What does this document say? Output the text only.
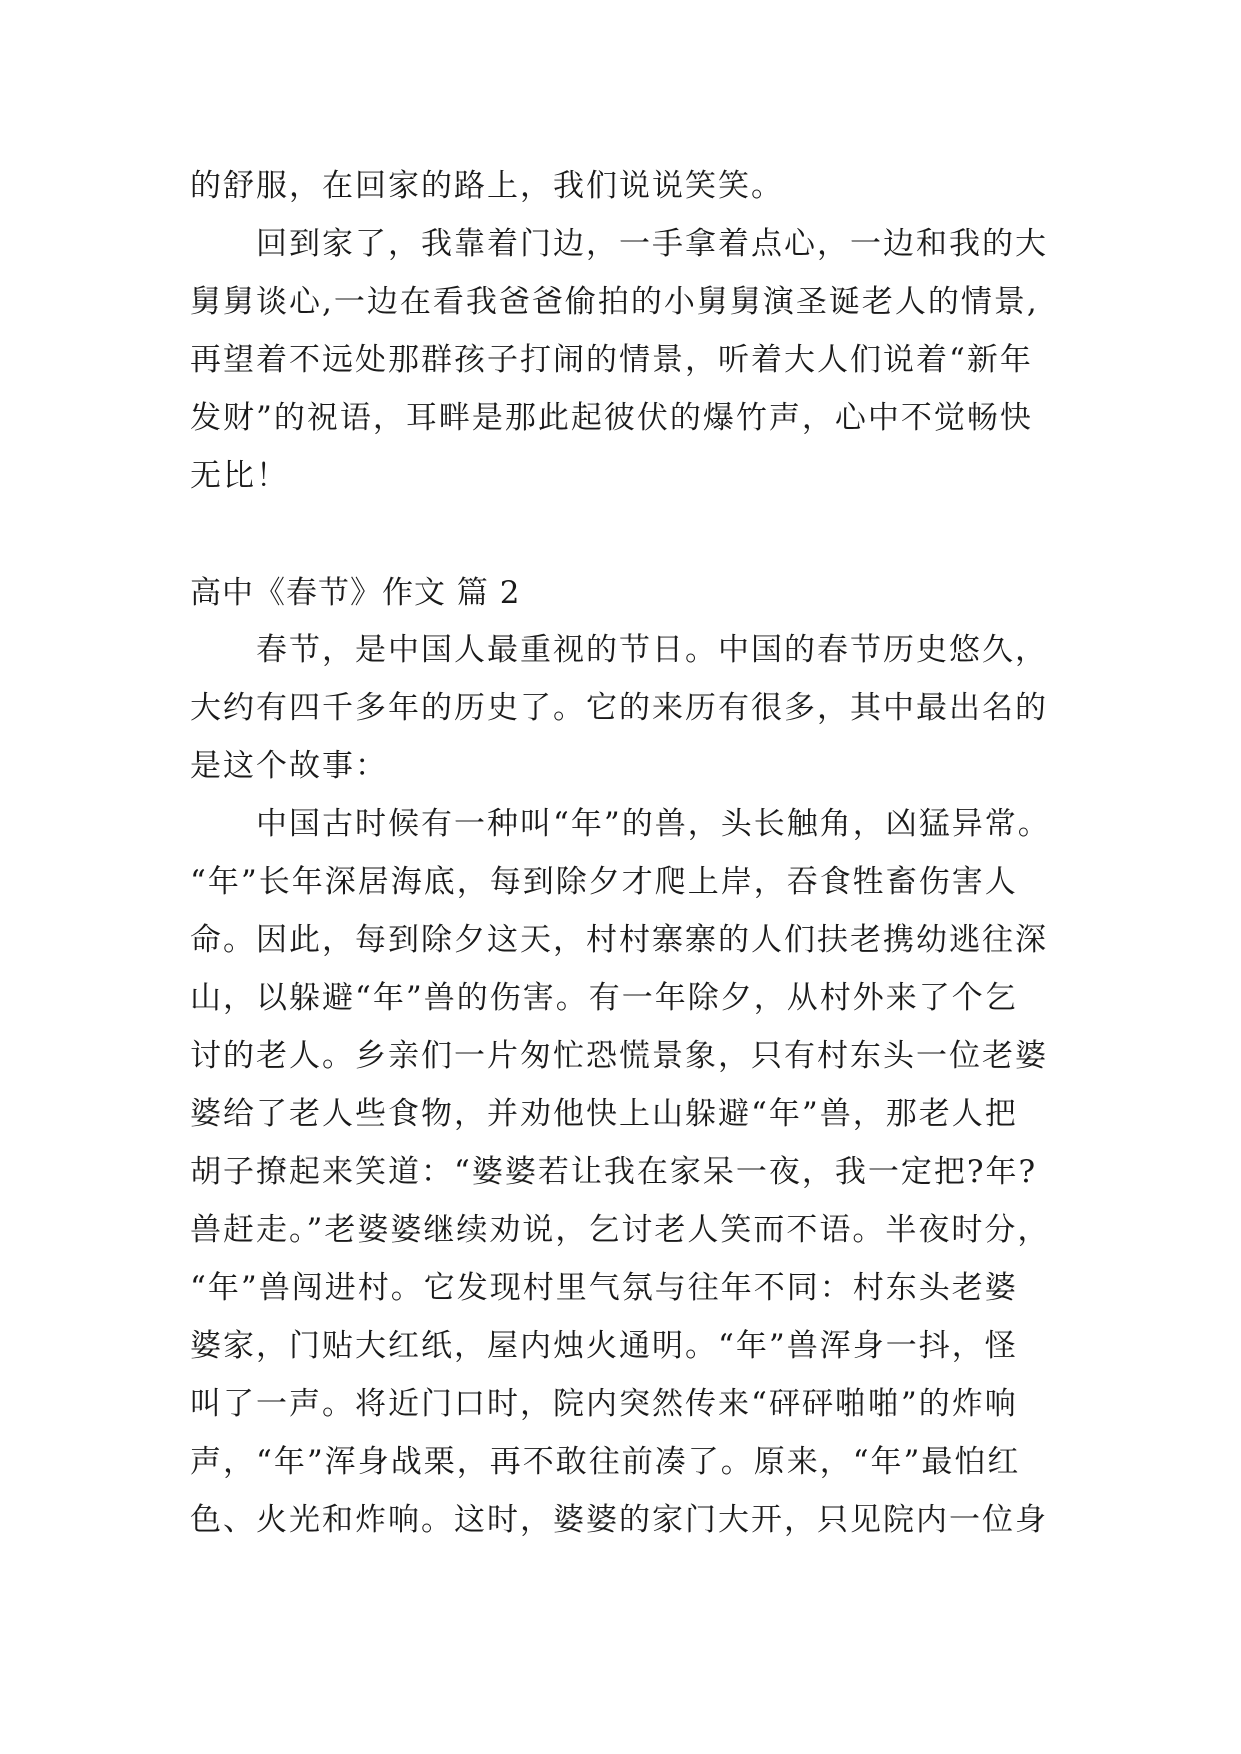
的舒服，在回家的路上，我们说说笑笑。
回到家了，我靠着门边，一手拿着点心，一边和我的大
舅舅谈心,一边在看我爸爸偷拍的小舅舅演圣诞老人的情景,
再望着不远处那群孩子打闹的情景，听着大人们说着“新年
发财”的祝语，耳畔是那此起彼伏的爆竹声，心中不觉畅快
无比！
高中《春节》作文 篇 2
春节，是中国人最重视的节日。中国的春节历史悠久，
大约有四千多年的历史了。它的来历有很多，其中最出名的
是这个故事：
中国古时候有一种叫“年”的兽，头长触角，凶猛异常。
“年”长年深居海底，每到除夕才爬上岸，吞食牲畜伤害人
命。因此，每到除夕这天，村村寨寨的人们扶老携幼逃往深
山，以躲避“年”兽的伤害。有一年除夕，从村外来了个乞
讨的老人。乡亲们一片匆忙恐慌景象，只有村东头一位老婆
婆给了老人些食物，并劝他快上山躲避“年”兽，那老人把
胡子撩起来笑道：“婆婆若让我在家呆一夜，我一定把?年?
兽赶走。”老婆婆继续劝说，乞讨老人笑而不语。半夜时分，
“年”兽闯进村。它发现村里气氛与往年不同：村东头老婆
婆家，门贴大红纸，屋内烛火通明。“年”兽浑身一抖，怪
叫了一声。将近门口时，院内突然传来“砰砰啪啪”的炸响
声，“年”浑身战栗，再不敢往前凑了。原来，“年”最怕红
色、火光和炸响。这时，婆婆的家门大开，只见院内一位身
